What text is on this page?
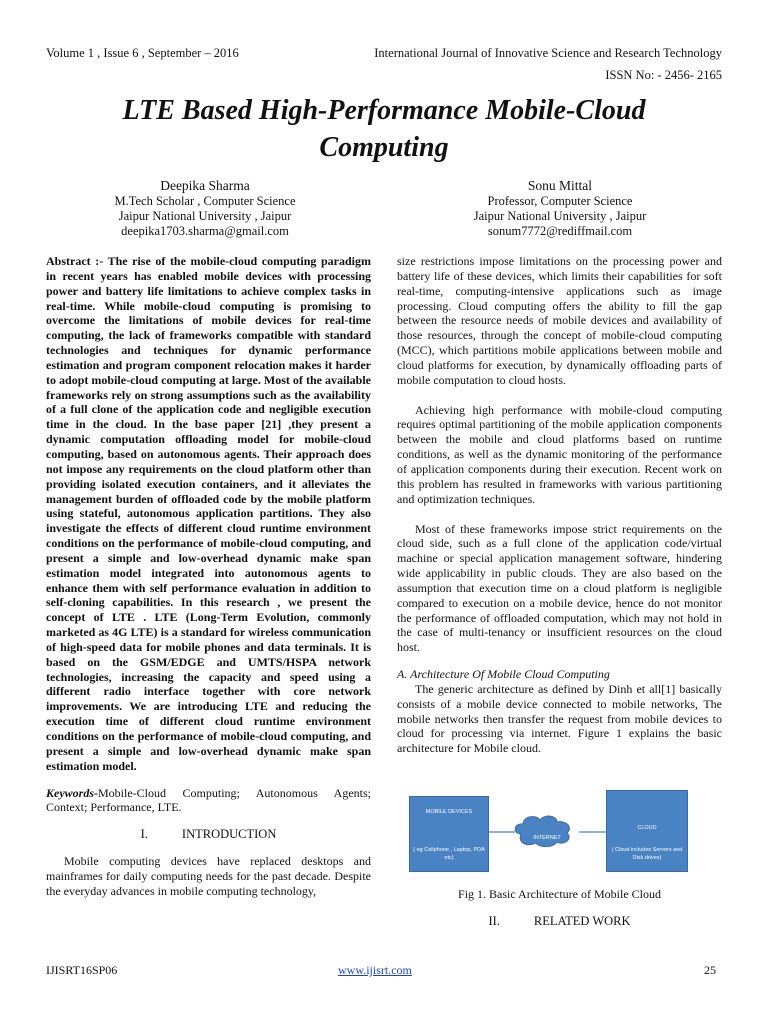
Volume 1 , Issue 6 , September – 2016	International Journal of Innovative Science and Research Technology
ISSN No: - 2456- 2165
LTE Based High-Performance Mobile-Cloud Computing
Deepika Sharma
M.Tech Scholar , Computer Science
Jaipur National University , Jaipur
deepika1703.sharma@gmail.com
Sonu Mittal
Professor, Computer Science
Jaipur National University , Jaipur
sonum7772@rediffmail.com

Abstract :- The rise of the mobile-cloud computing paradigm in recent years has enabled mobile devices with processing power and battery life limitations to achieve complex tasks in real-time. While mobile-cloud computing is promising to overcome the limitations of mobile devices for real-time computing, the lack of frameworks compatible with standard technologies and techniques for dynamic performance estimation and program component relocation makes it harder to adopt mobile-cloud computing at large. Most of the available frameworks rely on strong assumptions such as the availability of a full clone of the application code and negligible execution time in the cloud. In the base paper [21] ,they present a dynamic computation offloading model for mobile-cloud computing, based on autonomous agents. Their approach does not impose any requirements on the cloud platform other than providing isolated execution containers, and it alleviates the management burden of offloaded code by the mobile platform using stateful, autonomous application partitions. They also investigate the effects of different cloud runtime environment conditions on the performance of mobile-cloud computing, and present a simple and low-overhead dynamic make span estimation model integrated into autonomous agents to enhance them with self performance evaluation in addition to self-cloning capabilities. In this research , we present the concept of LTE . LTE (Long-Term Evolution, commonly marketed as 4G LTE) is a standard for wireless communication of high-speed data for mobile phones and data terminals. It is based on the GSM/EDGE and UMTS/HSPA network technologies, increasing the capacity and speed using a different radio interface together with core network improvements. We are introducing LTE and reducing the execution time of different cloud runtime environment conditions on the performance of mobile-cloud computing, and present a simple and low-overhead dynamic make span estimation model.

Keywords-Mobile-Cloud Computing; Autonomous Agents; Context; Performance, LTE.

I.	INTRODUCTION

Mobile computing devices have replaced desktops and mainframes for daily computing needs for the past decade. Despite the everyday advances in mobile computing technology,

size restrictions impose limitations on the processing power and battery life of these devices, which limits their capabilities for soft real-time, computing-intensive applications such as image processing. Cloud computing offers the ability to fill the gap between the resource needs of mobile devices and availability of those resources, through the concept of mobile-cloud computing (MCC), which partitions mobile applications between mobile and cloud platforms for execution, by dynamically offloading parts of mobile computation to cloud hosts.

Achieving high performance with mobile-cloud computing requires optimal partitioning of the mobile application components between the mobile and cloud platforms based on runtime conditions, as well as the dynamic monitoring of the performance of application components during their execution. Recent work on this problem has resulted in frameworks with various partitioning and optimization techniques.

Most of these frameworks impose strict requirements on the cloud side, such as a full clone of the application code/virtual machine or special application management software, hindering wide applicability in public clouds. They are also based on the assumption that execution time on a cloud platform is negligible compared to execution on a mobile device, hence do not monitor the performance of offloaded computation, which may not hold in the case of multi-tenancy or insufficient resources on the cloud host.

A. Architecture Of Mobile Cloud Computing

The generic architecture as defined by Dinh et all[1] basically consists of a mobile device connected to mobile networks, The mobile networks then transfer the request from mobile devices to cloud for processing via internet. Figure 1 explains the basic architecture for Mobile cloud.

MOBILE DEVICES
( eg Cellphone , Laptop, PDA etc)
INTERNET
CLOUD
( Cloud includes Servers and Disk drives)

Fig 1. Basic Architecture of Mobile Cloud

II.	RELATED WORK

IJISRT16SP06	www.ijisrt.com	25
